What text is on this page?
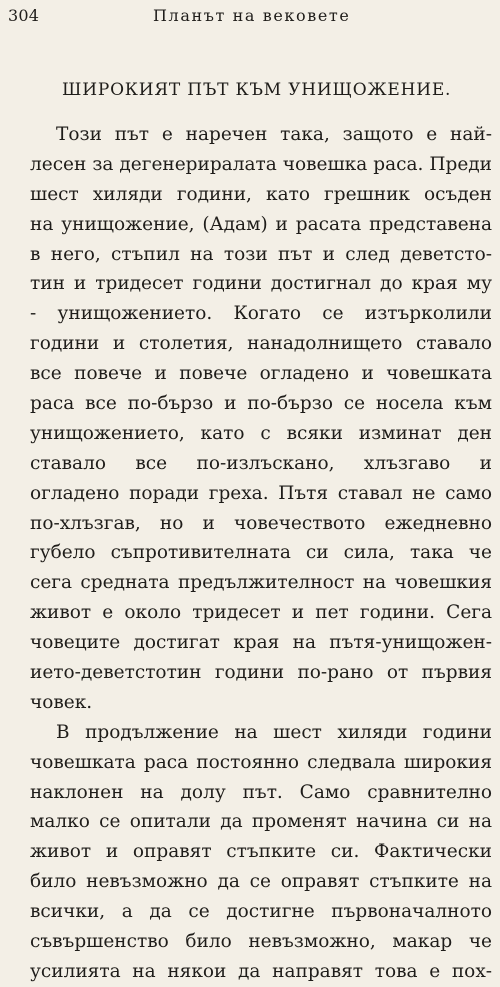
304	Планът на вековете
ШИРОКИЯТ ПЪТ КЪМ УНИЩОЖЕНИЕ.
Този път е наречен така, защото е най-
лесен за дегенериралата човешка раса. Преди
шест хиляди години, като грешник осъден
на унищожение, (Адам) и расата представена
в него, стъпил на този път и след деветсто-
тин и тридесет години достигнал до края му
- унищожението. Когато се изтърколили
години и столетия, нанадолнището ставало
все повече и повече огладено и човешката
раса все по-бързо и по-бързо се носела към
унищожението, като с всяки изминат ден
ставало все по-излъскано, хлъзгаво и
огладено поради греха. Пътя ставал не само
по-хлъзгав, но и човечеството ежедневно
губело съпротивителната си сила, така че
сега средната предължителност на човешкия
живот е около тридесет и пет години. Сега
човеците достигат края на пътя-унищожен-
ието-деветстотин години по-рано от първия
човек.
В продължение на шест хиляди години
човешката раса постоянно следвала широкия
наклонен на долу път. Само сравнително
малко се опитали да променят начина си на
живот и оправят стъпките си. Фактически
било невъзможно да се оправят стъпките на
всички, а да се достигне първоначалното
съвършенство било невъзможно, макар че
усилията на някои да направят това е пох-
